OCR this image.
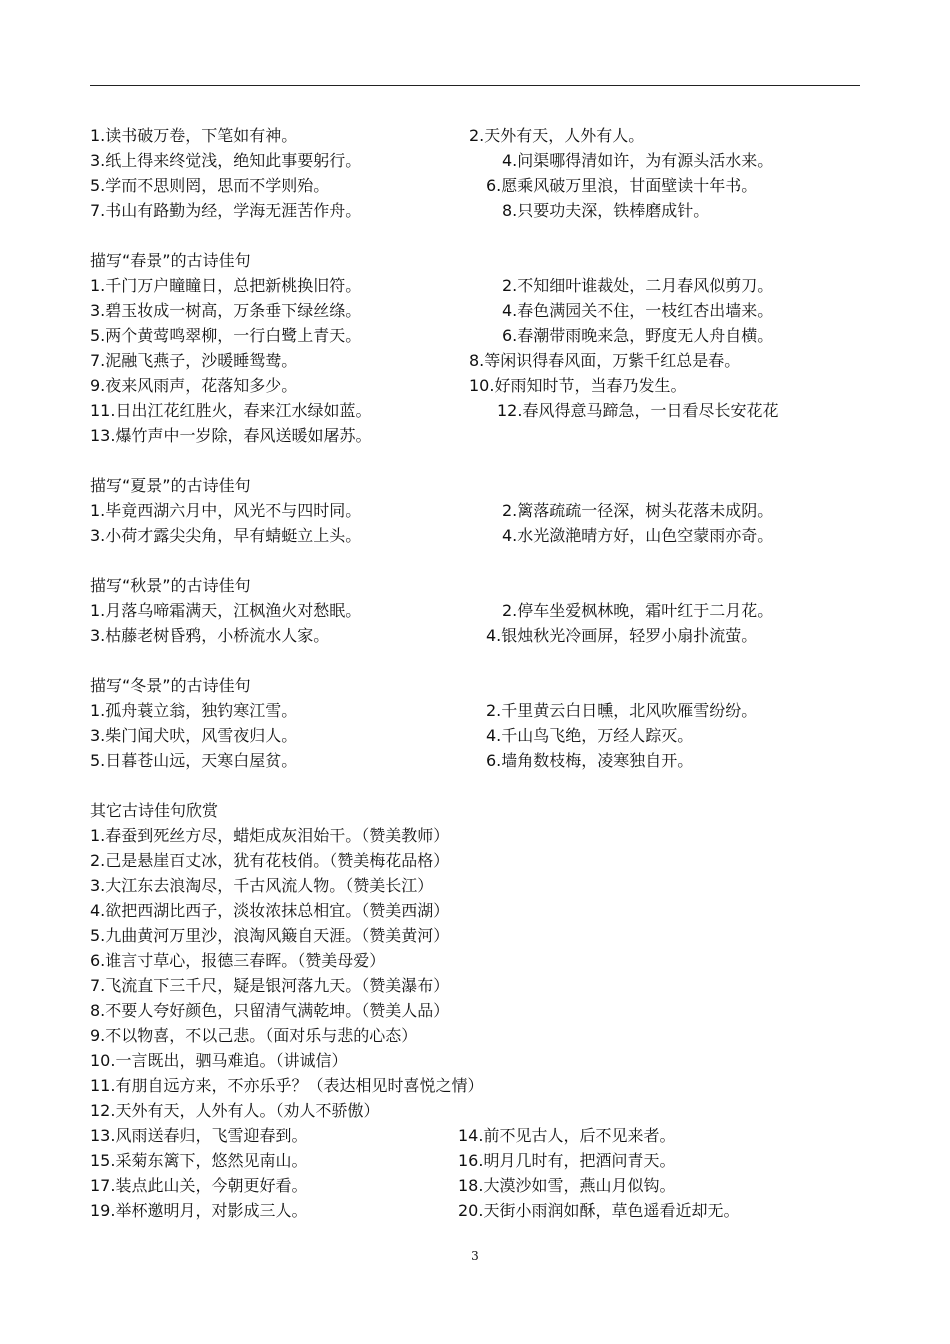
1.读书破万卷，下笔如有神。	2.天外有天，人外有人。
3.纸上得来终觉浅，绝知此事要躬行。	4.问渠哪得清如许，为有源头活水来。
5.学而不思则罔，思而不学则殆。	6.愿乘风破万里浪，甘面壁读十年书。
7.书山有路勤为经，学海无涯苦作舟。	8.只要功夫深，铁棒磨成针。
描写“春景”的古诗佳句
1.千门万户瞳瞳日，总把新桃换旧符。	2.不知细叶谁裁处，二月春风似剪刀。
3.碧玉妆成一树高，万条垂下绿丝绦。	4.春色满园关不住，一枝红杏出墙来。
5.两个黄莺鸣翠柳，一行白鹭上青天。	6.春潮带雨晚来急，野度无人舟自横。
7.泥融飞燕子，沙暖睡鸳鸯。	8.等闲识得春风面，万紫千红总是春。
9.夜来风雨声，花落知多少。	10.好雨知时节，当春乃发生。
11.日出江花红胜火，春来江水绿如蓝。	12.春风得意马蹄急，一日看尽长安花花
13.爆竹声中一岁除，春风送暖如屠苏。
描写“夏景”的古诗佳句
1.毕竟西湖六月中，风光不与四时同。	2.篱落疏疏一径深，树头花落未成阴。
3.小荷才露尖尖角，早有蜻蜓立上头。	4.水光潋滟晴方好，山色空蒙雨亦奇。
描写“秋景”的古诗佳句
1.月落乌啼霜满天，江枫渔火对愁眠。	2.停车坐爱枫林晚，霜叶红于二月花。
3.枯藤老树昏鸦，小桥流水人家。	4.银烛秋光冷画屏，轻罗小扇扑流萤。
描写“冬景”的古诗佳句
1.孤舟蓑立翁，独钓寒江雪。	2.千里黄云白日曛，北风吹雁雪纷纷。
3.柴门闻犬吠，风雪夜归人。	4.千山鸟飞绝，万经人踪灭。
5.日暮苍山远，天寒白屋贫。	6.墙角数枝梅，凌寒独自开。
其它古诗佳句欣赏
1.春蚕到死丝方尽，蜡炬成灰泪始干。（赞美教师）
2.己是悬崖百丈冰，犹有花枝俏。（赞美梅花品格）
3.大江东去浪淘尽，千古风流人物。（赞美长江）
4.欲把西湖比西子，淡妆浓抹总相宜。（赞美西湖）
5.九曲黄河万里沙，浪淘风簸自天涯。（赞美黄河）
6.谁言寸草心，报德三春晖。（赞美母爱）
7.飞流直下三千尺，疑是银河落九天。（赞美瀑布）
8.不要人夸好颜色，只留清气满乾坤。（赞美人品）
9.不以物喜，不以己悲。（面对乐与悲的心态）
10.一言既出，驷马难追。（讲诚信）
11.有朋自远方来，不亦乐乎？（表达相见时喜悦之情）
12.天外有天，人外有人。（劝人不骄傲）
13.风雨送春归，飞雪迎春到。	14.前不见古人，后不见来者。
15.采菊东篱下，悠然见南山。	16.明月几时有，把酒问青天。
17.装点此山关，今朝更好看。	18.大漠沙如雪，燕山月似钩。
19.举杯邀明月，对影成三人。	20.天街小雨润如酥，草色遥看近却无。
3
